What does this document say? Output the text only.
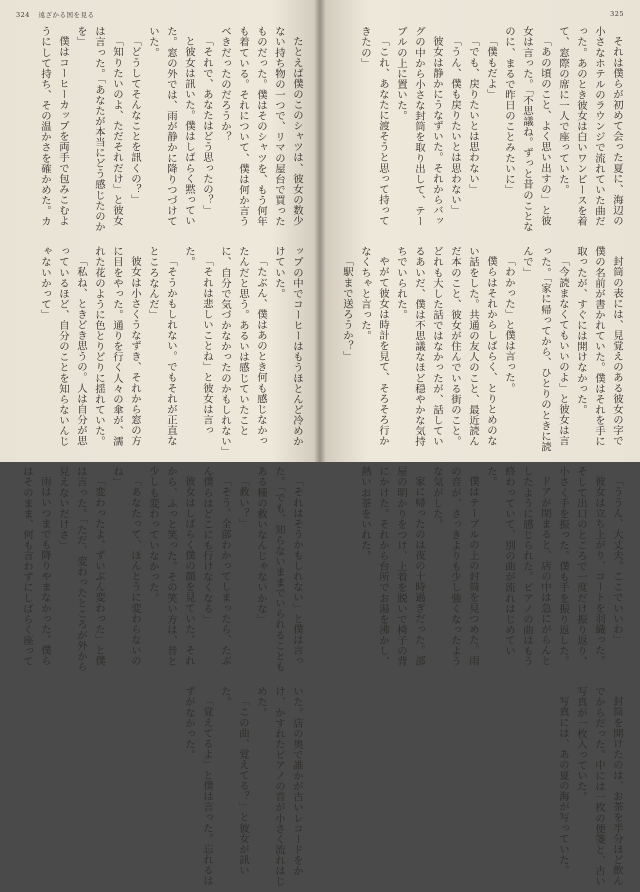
324 遠ざかる国を見る

たとえば僕のこのシャツは、彼女の数少ない持ち物の一つで、リマの屋台で買ったものだった。僕はそのシャツを、もう何年も着ている。それについて、僕は何か言うべきだったのだろうか？

「それで、あなたはどう思ったの？」

と彼女は訊いた。僕はしばらく黙っていた。窓の外では、雨が静かに降りつづけていた。

「どうしてそんなことを訊くの？」

「知りたいのよ、ただそれだけ」と彼女は言った。「あなたが本当にどう感じたのかを」

僕はコーヒーカップを両手で包みこむようにして持ち、その温かさを確かめた。カップの中でコーヒーはもうほとんど冷めかけていた。

「たぶん、僕はあのとき何も感じなかったんだと思う。あるいは感じていたことに、自分で気づかなかったのかもしれない」

「それは悲しいことね」と彼女は言った。

「そうかもしれない。でもそれが正直なところなんだ」

彼女は小さくうなずき、それから窓の方に目をやった。通りを行く人々の傘が、濡れた花のように色とりどりに揺れていた。

「私ね、ときどき思うの。人は自分が思っているほど、自分のことを知らないんじゃないかって」

「それはそうかもしれない」と僕は言った。「でも、知らないままでいられることもある種の救いなんじゃないかな」

「救い？」

「そう。全部わかってしまったら、たぶん僕らはどこにも行けなくなる」

彼女はしばらく僕の顔を見ていた。それから、ふっと笑った。その笑い方は、昔と少しも変わっていなかった。

「あなたって、ほんとうに変わらないのね」

「変わったよ。ずいぶん変わった」と僕は言った。「ただ、変わったところが外から見えないだけさ」

雨はいつまでも降りやまなかった。僕らはそのまま、何も言わずにしばらく座っていた。店の奥で誰かが古いレコードをかけ、かすれたピアノの音が小さく流れはじめた。

「この曲、覚えてる？」と彼女が訊いた。

「覚えてるよ」と僕は言った。忘れるはずがなかった。

325

それは僕らが初めて会った夏に、海辺の小さなホテルのラウンジで流れていた曲だった。あのとき彼女は白いワンピースを着て、窓際の席に一人で座っていた。

「あの頃のこと、よく思い出すの」と彼女は言った。「不思議ね。ずっと昔のことなのに、まるで昨日のことみたいに」

「僕もだよ」

「でも、戻りたいとは思わない」

「うん、僕も戻りたいとは思わない」

彼女は静かにうなずいた。それからバッグの中から小さな封筒を取り出して、テーブルの上に置いた。

「これ、あなたに渡そうと思って持ってきたの」

封筒の表には、見覚えのある彼女の字で僕の名前が書かれていた。僕はそれを手に取ったが、すぐには開けなかった。

「今読まなくてもいいのよ」と彼女は言った。「家に帰ってから、ひとりのときに読んで」

「わかった」と僕は言った。

僕らはそれからしばらく、とりとめのない話をした。共通の友人のこと、最近読んだ本のこと、彼女が住んでいる街のこと。どれも大した話ではなかったが、話しているあいだ、僕は不思議なほど穏やかな気持ちでいられた。

やがて彼女は時計を見て、そろそろ行かなくちゃと言った。

「駅まで送ろうか？」

「ううん、大丈夫。ここでいいわ」

彼女は立ち上がり、コートを羽織った。そして出口のところで一度だけ振り返り、小さく手を振った。僕も手を振り返した。

ドアが閉まると、店の中は急にがらんとしたように感じられた。ピアノの曲はもう終わっていて、別の曲が流れはじめていた。

僕はテーブルの上の封筒を見つめた。雨の音が、さっきよりも少し強くなったような気がした。

家に帰ったのは夜の十時過ぎだった。部屋の明かりをつけ、上着を脱いで椅子の背にかけた。それから台所でお湯を沸かし、熱いお茶をいれた。

封筒を開けたのは、お茶を半分ほど飲んでからだった。中には一枚の便箋と、古い写真が一枚入っていた。

写真には、あの夏の海が写っていた。
